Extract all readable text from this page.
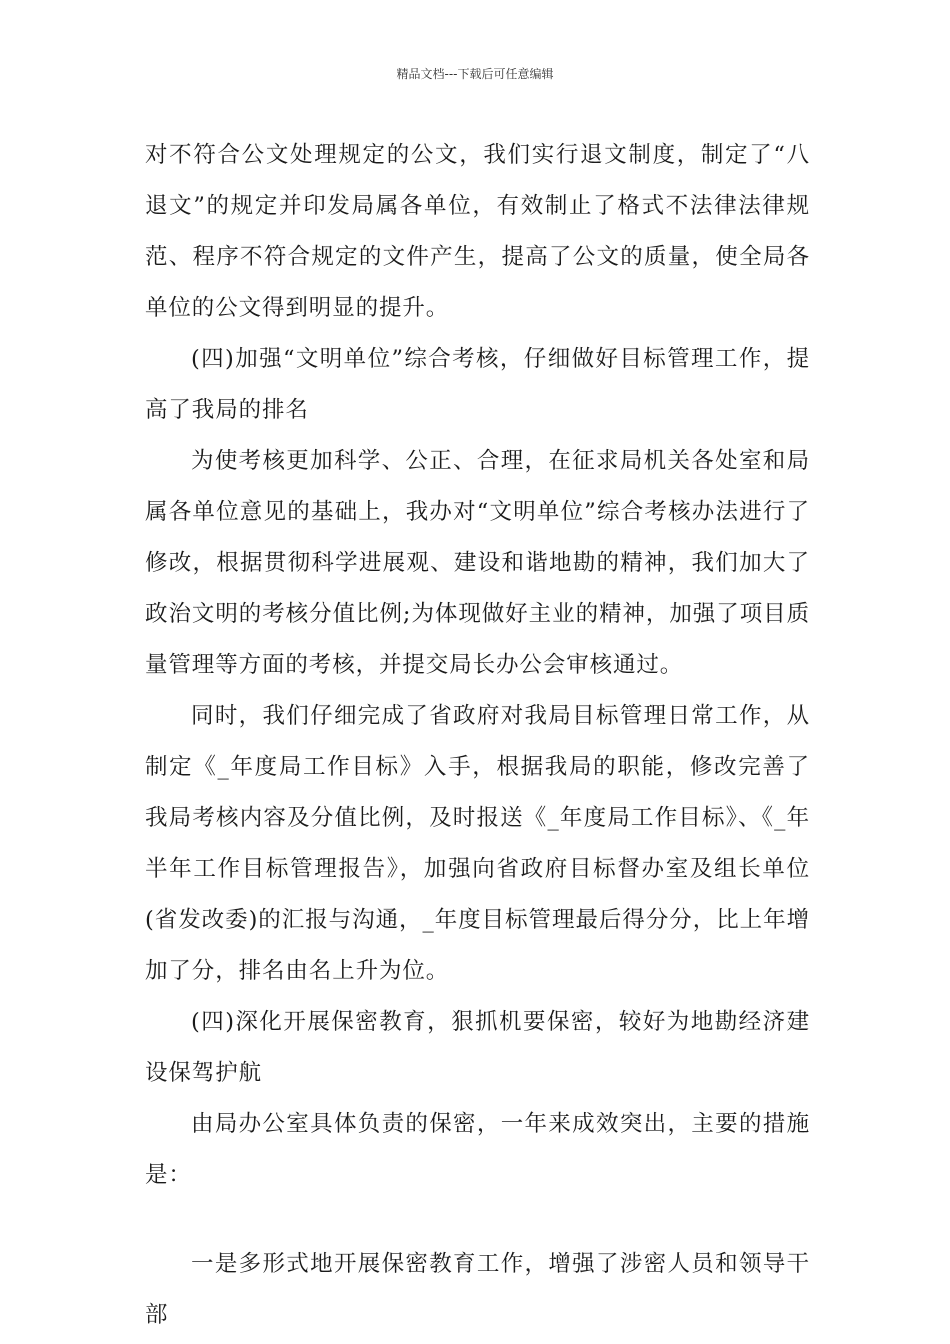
精品文档---下载后可任意编辑

对不符合公文处理规定的公文，我们实行退文制度，制定了“八退文”的规定并印发局属各单位，有效制止了格式不法律法律规范、程序不符合规定的文件产生，提高了公文的质量，使全局各单位的公文得到明显的提升。

(四)加强“文明单位”综合考核，仔细做好目标管理工作，提高了我局的排名

为使考核更加科学、公正、合理，在征求局机关各处室和局属各单位意见的基础上，我办对“文明单位”综合考核办法进行了修改，根据贯彻科学进展观、建设和谐地勘的精神，我们加大了政治文明的考核分值比例;为体现做好主业的精神，加强了项目质量管理等方面的考核，并提交局长办公会审核通过。

同时，我们仔细完成了省政府对我局目标管理日常工作，从制定《_年度局工作目标》入手，根据我局的职能，修改完善了我局考核内容及分值比例，及时报送《_年度局工作目标》、《_年半年工作目标管理报告》，加强向省政府目标督办室及组长单位(省发改委)的汇报与沟通，_年度目标管理最后得分分，比上年增加了分，排名由名上升为位。

(四)深化开展保密教育，狠抓机要保密，较好为地勘经济建设保驾护航

由局办公室具体负责的保密，一年来成效突出，主要的措施是：

一是多形式地开展保密教育工作，增强了涉密人员和领导干部
